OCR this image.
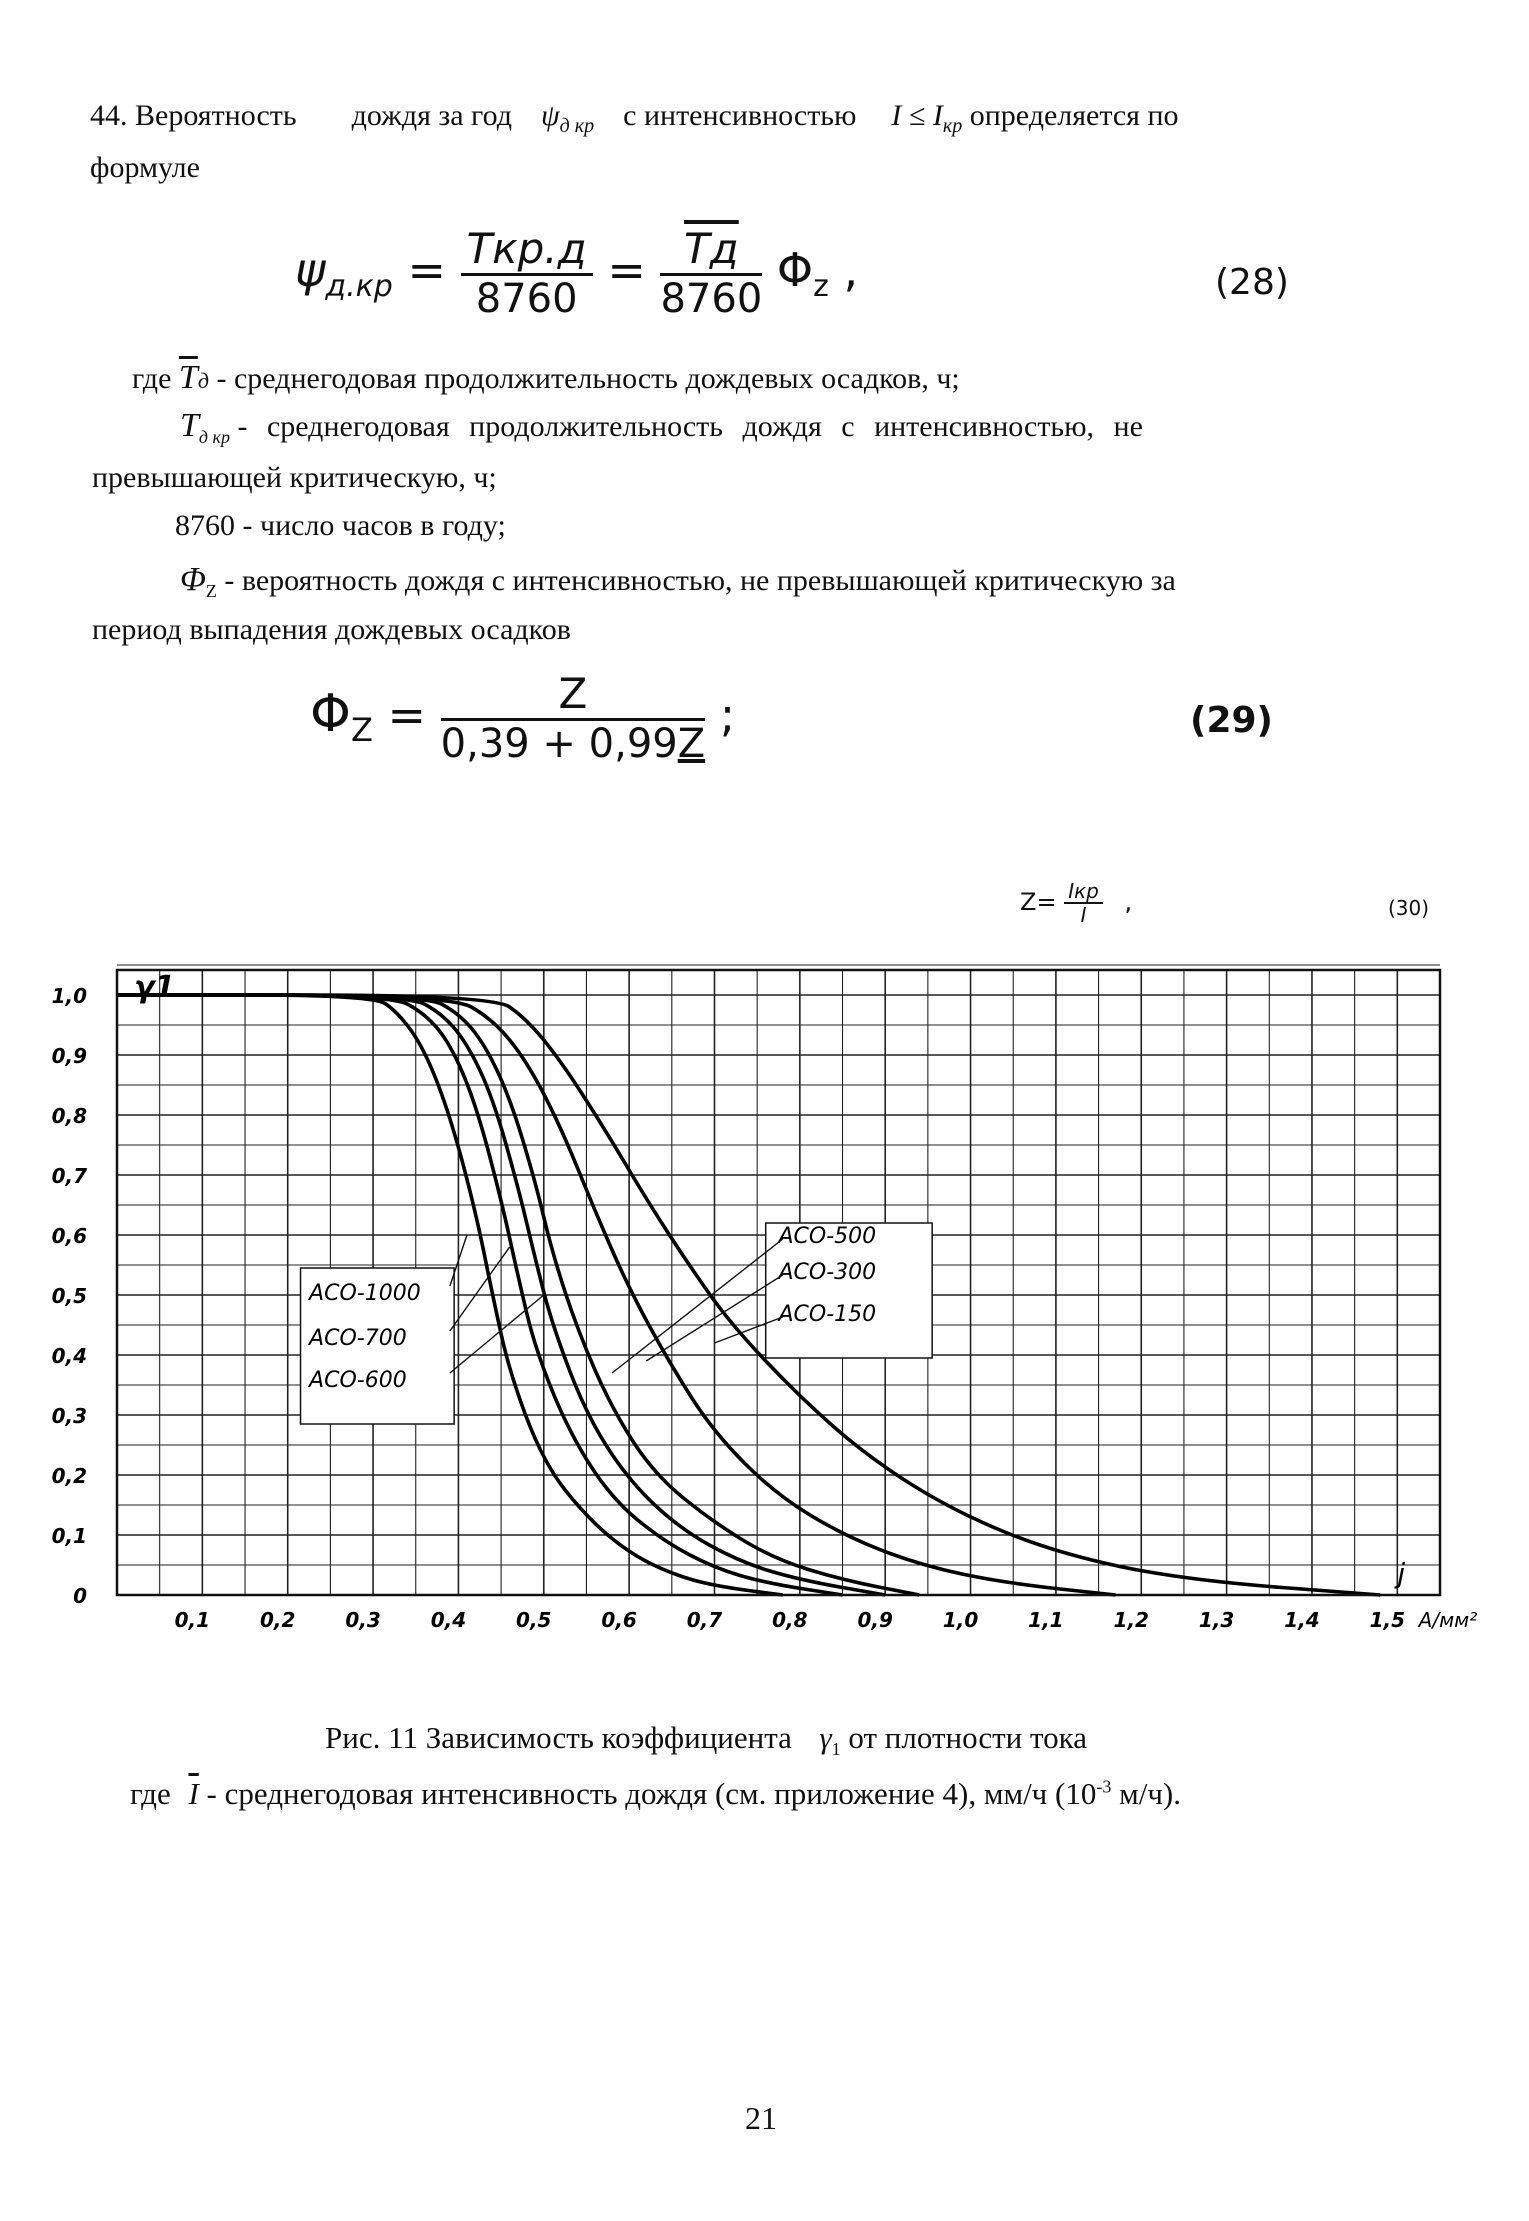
44. Вероятность дождя за год $\psi_{д кр}$ с интенсивностью $I \le I_{кр}$ определяется по
формуле
$\psi_{д.кр} = \frac{\text{Tкр.д}}{8760} = \frac{Tд}{8760} \Phi_z$ ,	(28)
где $\overline{T}д$ - среднегодовая продолжительность дождевых осадков, ч;
$T_{д кр}$ - среднегодовая продолжительность дождя с интенсивностью, не
превышающей критическую, ч;
8760 - число часов в году;
$\Phi_Z$ - вероятность дождя с интенсивностью, не превышающей критическую за
период выпадения дождевых осадков
$\Phi_Z = \frac{Z}{0,39 + 0,99Z}$ ;	(29)
Z= Iкр
I	,	(30)
АСО-1000
АСО-700
АСО-600
АСО-500
АСО-300
АСО-150
1,0
0,9
0,8
0,7
0,6
0,5
0,4
0,3
0,2
0,1
0
0,1 0,2 0,3 0,4 0,5 0,6 0,7 0,8 0,9 1,0 1,1 1,2 1,3 1,4 1,5
γ1
j
А/мм²
Рис. 11 Зависимость коэффициента $\gamma_1$ от плотности тока
где $\overline{I}$ - среднегодовая интенсивность дождя (см. приложение 4), мм/ч ($10^{-3}$ м/ч).
21
